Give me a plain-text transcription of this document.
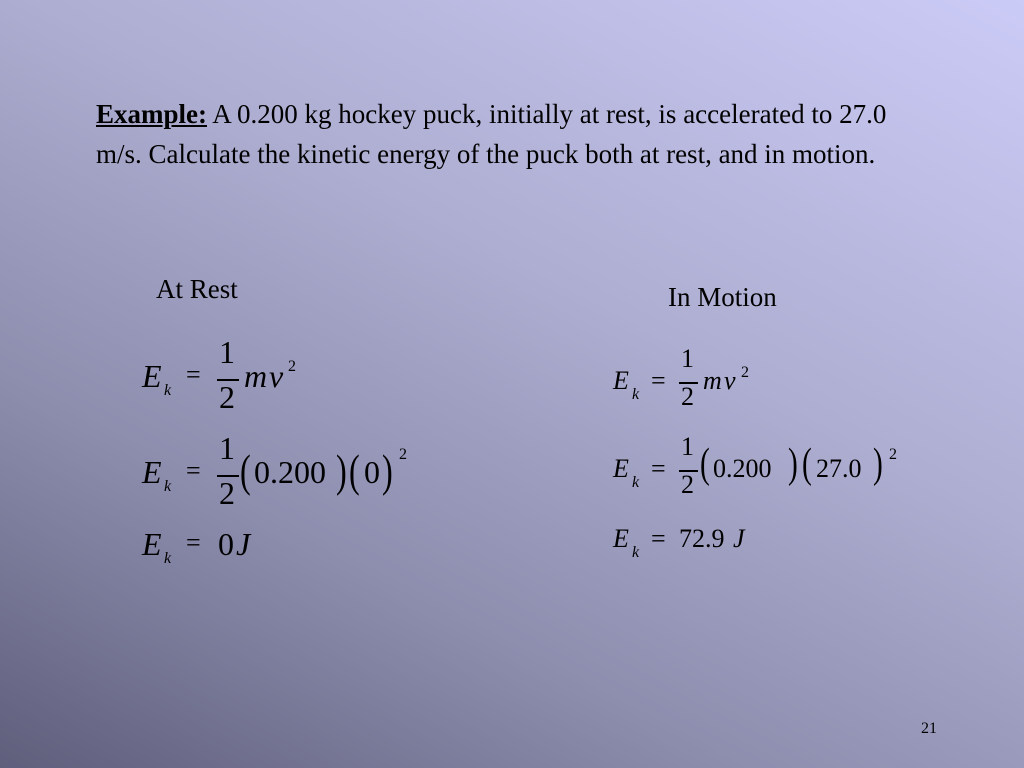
Example: A 0.200 kg hockey puck, initially at rest, is accelerated to 27.0 m/s. Calculate the kinetic energy of the puck both at rest, and in motion.
At Rest
E k
=
1
2
m v 2
E k
=
1
2 ( 0.200 ) ( 0 ) 2
E k
= 0 J
In Motion
E k =
1
2
m v 2
E k =
1
2 ( 0.200 ) ( 27.0 ) 2
E k = 72.9 J
21
